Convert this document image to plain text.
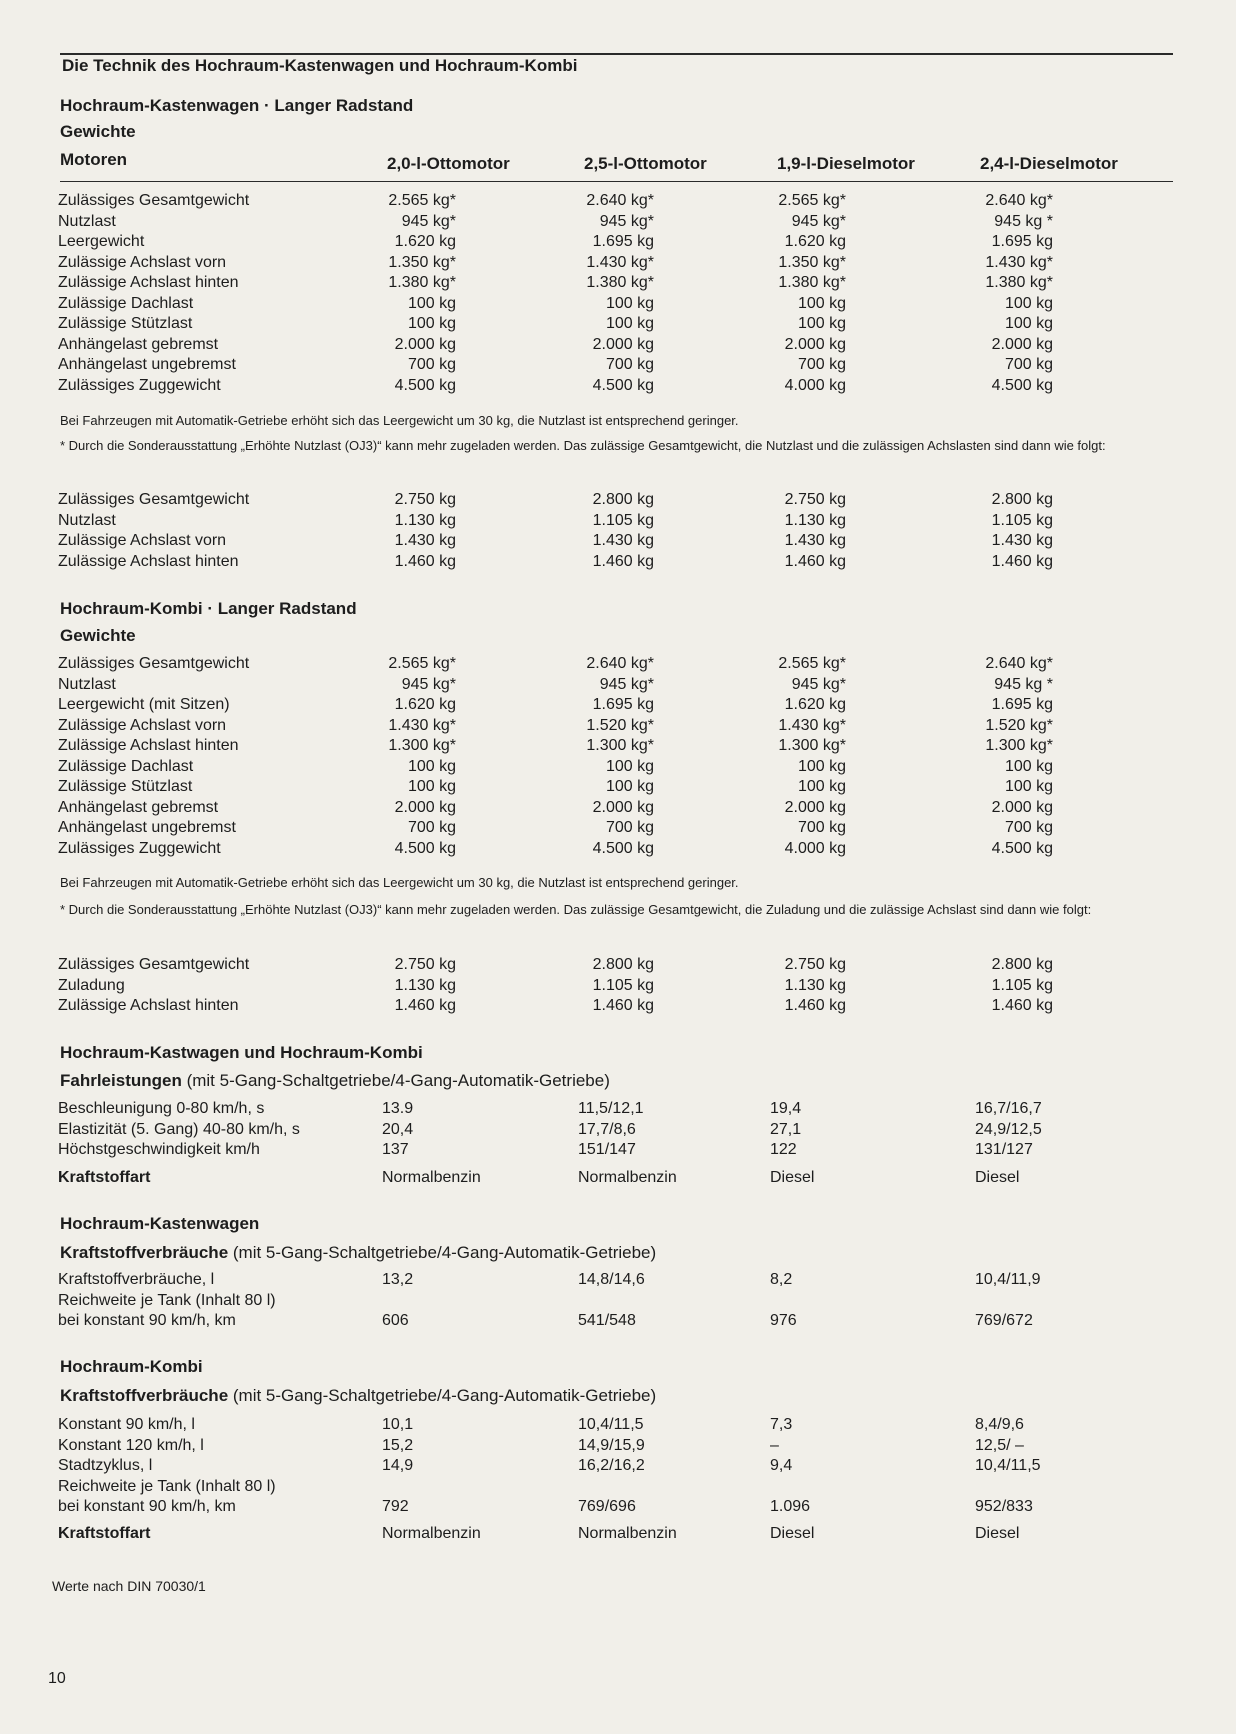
Die Technik des Hochraum-Kastenwagen und Hochraum-Kombi
Hochraum-Kastenwagen · Langer Radstand
Gewichte
Motoren	2,0-l-Ottomotor	2,5-l-Ottomotor	1,9-l-Dieselmotor	2,4-l-Dieselmotor
Zulässiges Gesamtgewicht	2.565 kg*	2.640 kg*	2.565 kg*	2.640 kg*
Nutzlast	945 kg*	945 kg*	945 kg*	945 kg *
Leergewicht	1.620 kg	1.695 kg	1.620 kg	1.695 kg
Zulässige Achslast vorn	1.350 kg*	1.430 kg*	1.350 kg*	1.430 kg*
Zulässige Achslast hinten	1.380 kg*	1.380 kg*	1.380 kg*	1.380 kg*
Zulässige Dachlast	100 kg	100 kg	100 kg	100 kg
Zulässige Stützlast	100 kg	100 kg	100 kg	100 kg
Anhängelast gebremst	2.000 kg	2.000 kg	2.000 kg	2.000 kg
Anhängelast ungebremst	700 kg	700 kg	700 kg	700 kg
Zulässiges Zuggewicht	4.500 kg	4.500 kg	4.000 kg	4.500 kg
Bei Fahrzeugen mit Automatik-Getriebe erhöht sich das Leergewicht um 30 kg, die Nutzlast ist entsprechend geringer.
* Durch die Sonderausstattung „Erhöhte Nutzlast (OJ3)“ kann mehr zugeladen werden. Das zulässige Gesamtgewicht, die Nutzlast und die zulässigen Achslasten sind dann wie folgt:
Zulässiges Gesamtgewicht	2.750 kg	2.800 kg	2.750 kg	2.800 kg
Nutzlast	1.130 kg	1.105 kg	1.130 kg	1.105 kg
Zulässige Achslast vorn	1.430 kg	1.430 kg	1.430 kg	1.430 kg
Zulässige Achslast hinten	1.460 kg	1.460 kg	1.460 kg	1.460 kg
Hochraum-Kombi · Langer Radstand
Gewichte
Zulässiges Gesamtgewicht	2.565 kg*	2.640 kg*	2.565 kg*	2.640 kg*
Nutzlast	945 kg*	945 kg*	945 kg*	945 kg *
Leergewicht (mit Sitzen)	1.620 kg	1.695 kg	1.620 kg	1.695 kg
Zulässige Achslast vorn	1.430 kg*	1.520 kg*	1.430 kg*	1.520 kg*
Zulässige Achslast hinten	1.300 kg*	1.300 kg*	1.300 kg*	1.300 kg*
Zulässige Dachlast	100 kg	100 kg	100 kg	100 kg
Zulässige Stützlast	100 kg	100 kg	100 kg	100 kg
Anhängelast gebremst	2.000 kg	2.000 kg	2.000 kg	2.000 kg
Anhängelast ungebremst	700 kg	700 kg	700 kg	700 kg
Zulässiges Zuggewicht	4.500 kg	4.500 kg	4.000 kg	4.500 kg
Bei Fahrzeugen mit Automatik-Getriebe erhöht sich das Leergewicht um 30 kg, die Nutzlast ist entsprechend geringer.
* Durch die Sonderausstattung „Erhöhte Nutzlast (OJ3)“ kann mehr zugeladen werden. Das zulässige Gesamtgewicht, die Zuladung und die zulässige Achslast sind dann wie folgt:
Zulässiges Gesamtgewicht	2.750 kg	2.800 kg	2.750 kg	2.800 kg
Zuladung	1.130 kg	1.105 kg	1.130 kg	1.105 kg
Zulässige Achslast hinten	1.460 kg	1.460 kg	1.460 kg	1.460 kg
Hochraum-Kastwagen und Hochraum-Kombi
Fahrleistungen (mit 5-Gang-Schaltgetriebe/4-Gang-Automatik-Getriebe)
Beschleunigung 0-80 km/h, s	13.9	11,5/12,1	19,4	16,7/16,7
Elastizität (5. Gang) 40-80 km/h, s	20,4	17,7/8,6	27,1	24,9/12,5
Höchstgeschwindigkeit km/h	137	151/147	122	131/127
Kraftstoffart	Normalbenzin	Normalbenzin	Diesel	Diesel
Hochraum-Kastenwagen
Kraftstoffverbräuche (mit 5-Gang-Schaltgetriebe/4-Gang-Automatik-Getriebe)
Kraftstoffverbräuche, l	13,2	14,8/14,6	8,2	10,4/11,9
Reichweite je Tank (Inhalt 80 l)
bei konstant 90 km/h, km	606	541/548	976	769/672
Hochraum-Kombi
Kraftstoffverbräuche (mit 5-Gang-Schaltgetriebe/4-Gang-Automatik-Getriebe)
Konstant 90 km/h, l	10,1	10,4/11,5	7,3	8,4/9,6
Konstant 120 km/h, l	15,2	14,9/15,9	–	12,5/ –
Stadtzyklus, l	14,9	16,2/16,2	9,4	10,4/11,5
Reichweite je Tank (Inhalt 80 l)
bei konstant 90 km/h, km	792	769/696	1.096	952/833
Kraftstoffart	Normalbenzin	Normalbenzin	Diesel	Diesel
Werte nach DIN 70030/1
10
